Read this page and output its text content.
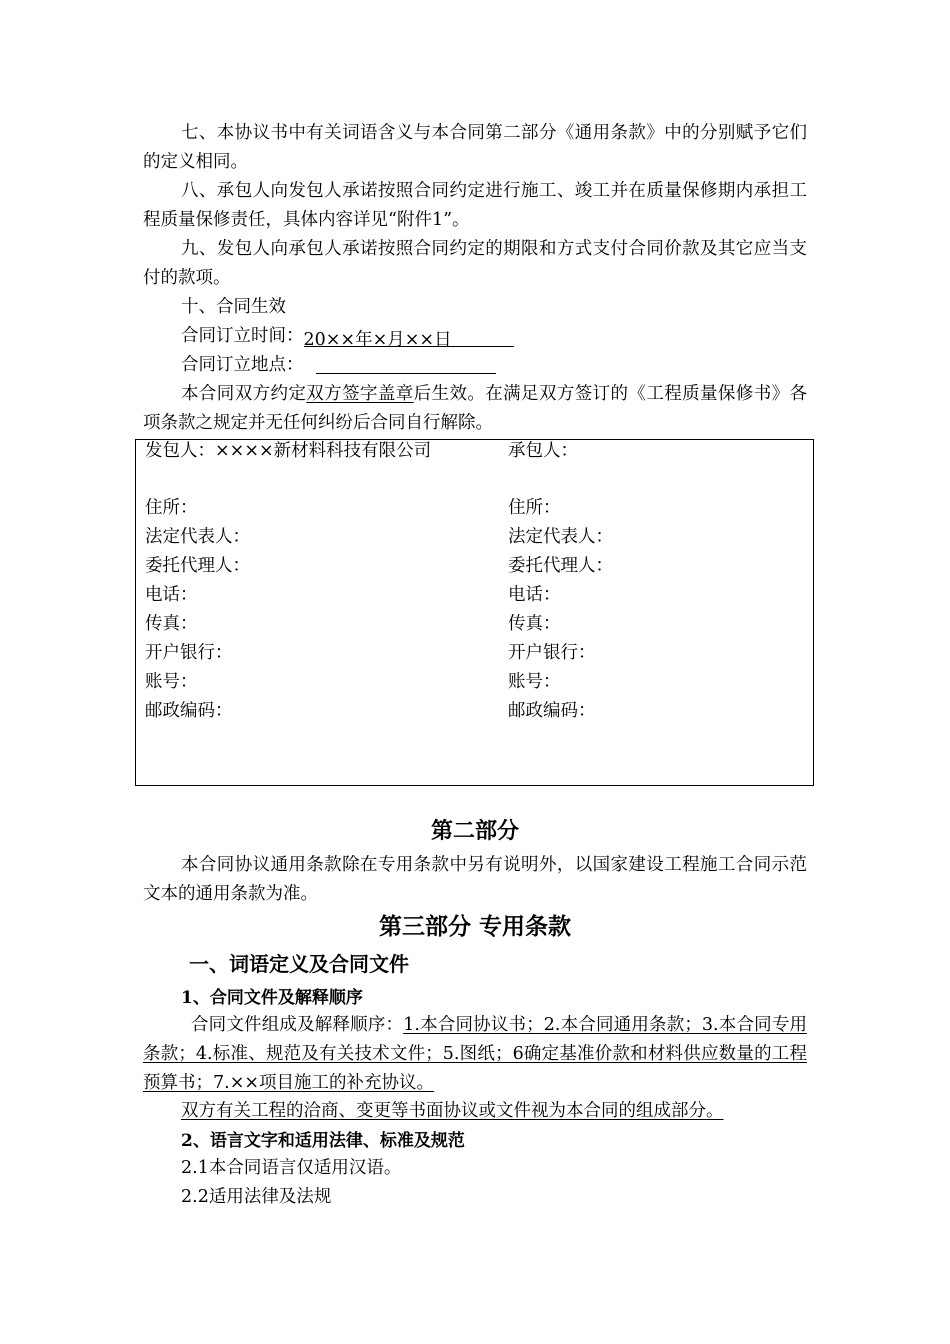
七、本协议书中有关词语含义与本合同第二部分《通用条款》中的分别赋予它们的定义相同。

八、承包人向发包人承诺按照合同约定进行施工、竣工并在质量保修期内承担工程质量保修责任，具体内容详见“附件1”。

九、发包人向承包人承诺按照合同约定的期限和方式支付合同价款及其它应当支付的款项。

十、合同生效
合同订立时间：20××年×月××日
合同订立地点：

本合同双方约定双方签字盖章后生效。在满足双方签订的《工程质量保修书》各项条款之规定并无任何纠纷后合同自行解除。

发包人：××××新材料科技有限公司	承包人：
住所：	住所：
法定代表人：	法定代表人：
委托代理人：	委托代理人：
电话：	电话：
传真：	传真：
开户银行：	开户银行：
账号：	账号：
邮政编码：	邮政编码：
第二部分

本合同协议通用条款除在专用条款中另有说明外，以国家建设工程施工合同示范文本的通用条款为准。

第三部分 专用条款
一、词语定义及合同文件
1、合同文件及解释顺序

合同文件组成及解释顺序：1.本合同协议书；2.本合同通用条款；3.本合同专用条款；4.标准、规范及有关技术文件；5.图纸；6确定基准价款和材料供应数量的工程预算书；7.××项目施工的补充协议。

双方有关工程的洽商、变更等书面协议或文件视为本合同的组成部分。
2、语言文字和适用法律、标准及规范
2.1本合同语言仅适用汉语。
2.2适用法律及法规
